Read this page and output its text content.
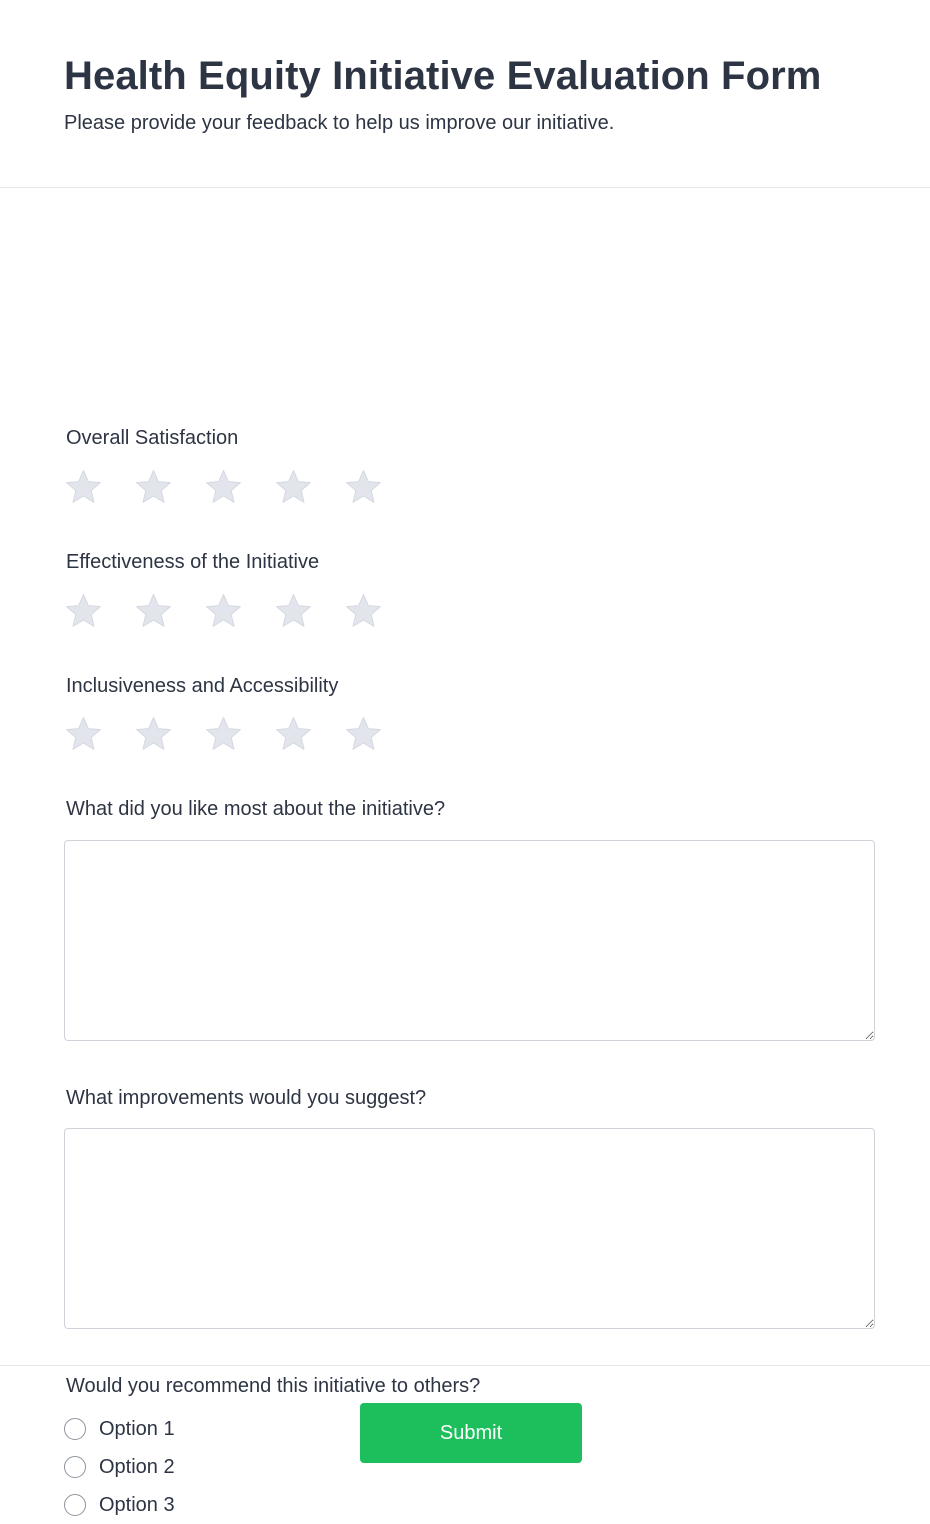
Health Equity Initiative Evaluation Form

Please provide your feedback to help us improve our initiative.

Overall Satisfaction

Effectiveness of the Initiative

Inclusiveness and Accessibility

What did you like most about the initiative?

What improvements would you suggest?

Would you recommend this initiative to others?

Option 1
Option 2
Option 3
Submit
